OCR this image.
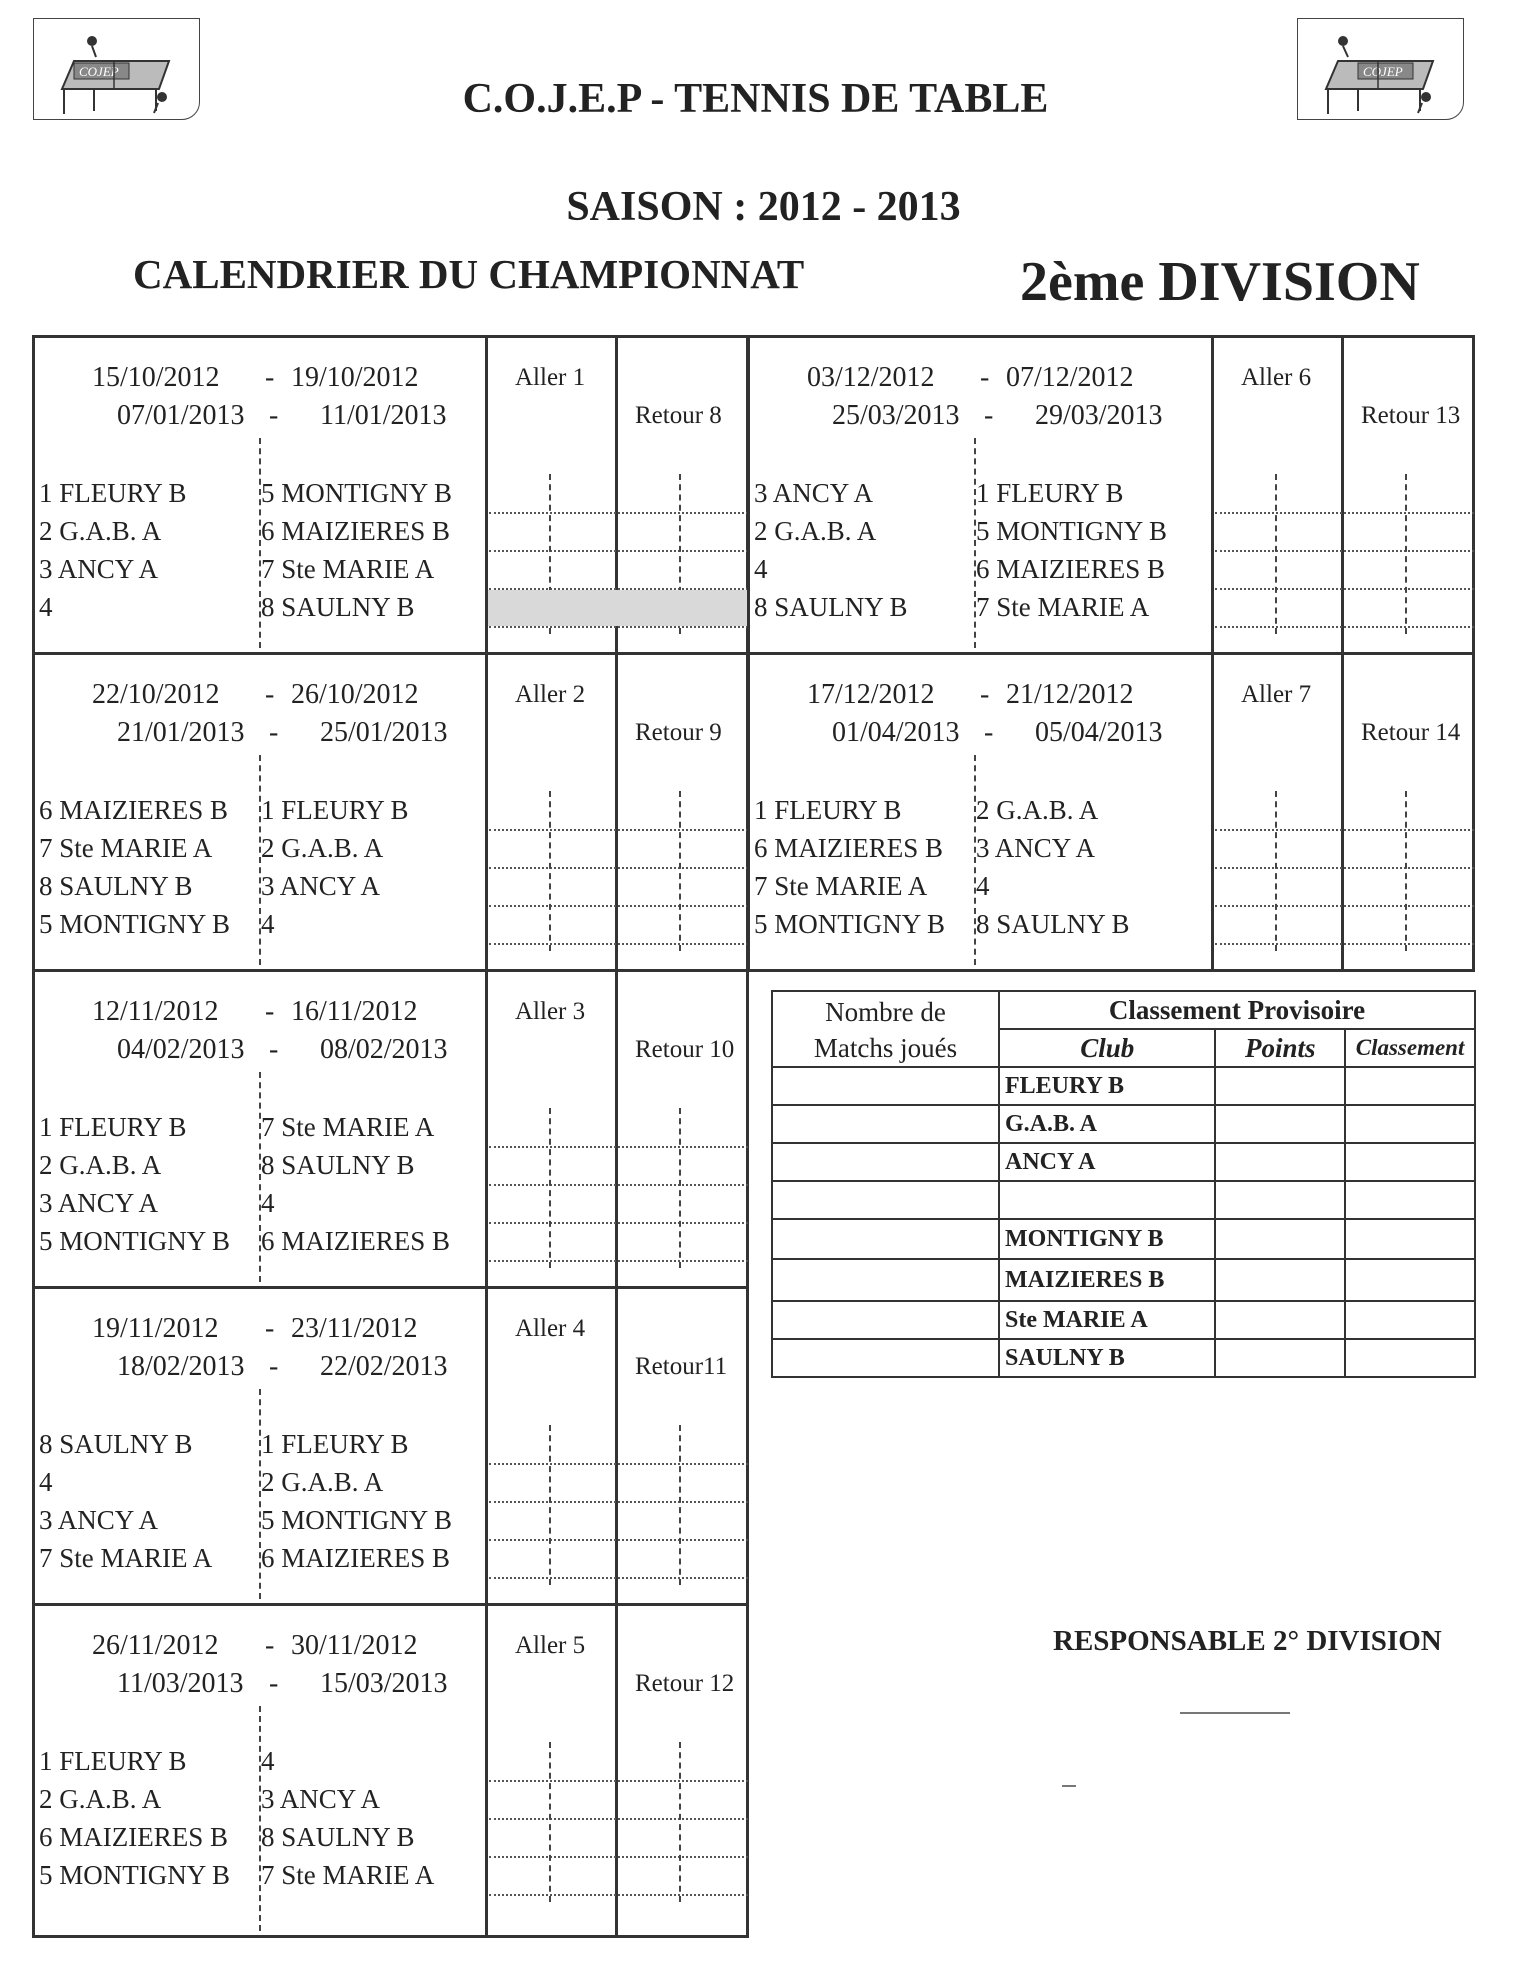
COJEP	COJEP
C.O.J.E.P - TENNIS DE TABLE
SAISON : 2012 - 2013
CALENDRIER DU CHAMPIONNAT	2ème DIVISION
15/10/2012 - 19/10/2012
07/01/2013 - 11/01/2013
Aller 1
Retour 8
1 FLEURY B	5 MONTIGNY B
2 G.A.B. A	6 MAIZIERES B
3 ANCY A	7 Ste MARIE A
4	8 SAULNY B
22/10/2012 - 26/10/2012
21/01/2013 - 25/01/2013
Aller 2
Retour 9
6 MAIZIERES B 1 FLEURY B
7 Ste MARIE A 2 G.A.B. A
8 SAULNY B	3 ANCY A
5 MONTIGNY B 4
12/11/2012 - 16/11/2012
04/02/2013 - 08/02/2013
Aller 3
Retour 10
1 FLEURY B	7 Ste MARIE A
2 G.A.B. A	8 SAULNY B
3 ANCY A	4
5 MONTIGNY B 6 MAIZIERES B
19/11/2012 - 23/11/2012
18/02/2013 - 22/02/2013
Aller 4
Retour11
8 SAULNY B	1 FLEURY B
4	2 G.A.B. A
3 ANCY A	5 MONTIGNY B
7 Ste MARIE A 6 MAIZIERES B
26/11/2012 - 30/11/2012
11/03/2013 - 15/03/2013
Aller 5
Retour 12
1 FLEURY B	4
2 G.A.B. A	3 ANCY A
6 MAIZIERES B 8 SAULNY B
5 MONTIGNY B 7 Ste MARIE A
03/12/2012 - 07/12/2012
25/03/2013 - 29/03/2013
Aller 6
Retour 13
3 ANCY A	1 FLEURY B
2 G.A.B. A	5 MONTIGNY B
4	6 MAIZIERES B
8 SAULNY B	7 Ste MARIE A
17/12/2012 - 21/12/2012
01/04/2013 - 05/04/2013
Aller 7
Retour 14
1 FLEURY B	2 G.A.B. A
6 MAIZIERES B 3 ANCY A
7 Ste MARIE A 4
5 MONTIGNY B 8 SAULNY B
Nombre de
Matchs joués	Classement Provisoire		
	Club	Points	Classement
	FLEURY B		
	G.A.B. A		
	ANCY A		

	MONTIGNY B		
	MAIZIERES B		
	Ste MARIE A		
	SAULNY B		
RESPONSABLE 2° DIVISION
